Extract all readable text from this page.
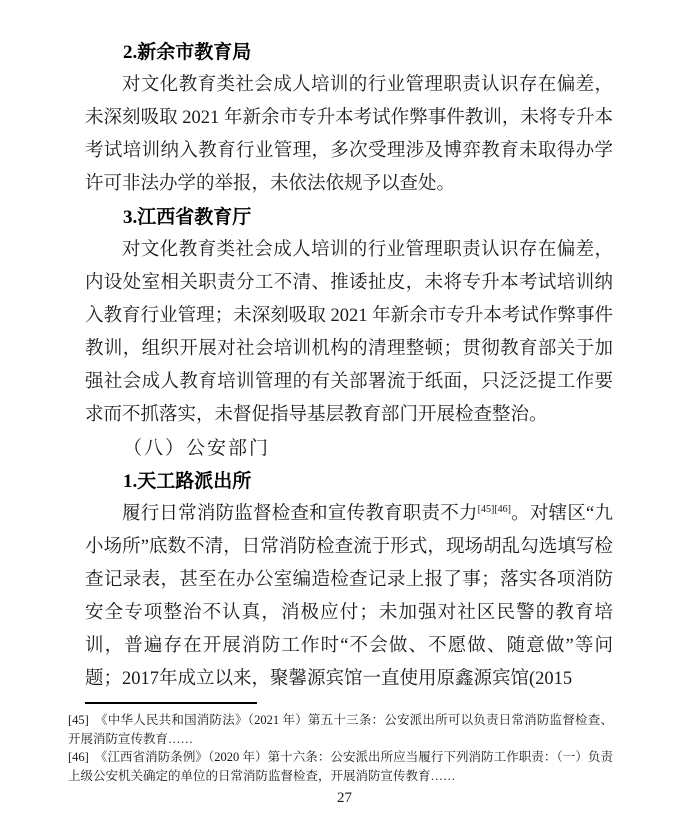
2.新余市教育局

对文化教育类社会成人培训的行业管理职责认识存在偏差，未深刻吸取 2021 年新余市专升本考试作弊事件教训，未将专升本考试培训纳入教育行业管理，多次受理涉及博弈教育未取得办学许可非法办学的举报，未依法依规予以查处。

3.江西省教育厅

对文化教育类社会成人培训的行业管理职责认识存在偏差，内设处室相关职责分工不清、推诿扯皮，未将专升本考试培训纳入教育行业管理；未深刻吸取 2021 年新余市专升本考试作弊事件教训，组织开展对社会培训机构的清理整顿；贯彻教育部关于加强社会成人教育培训管理的有关部署流于纸面，只泛泛提工作要求而不抓落实，未督促指导基层教育部门开展检查整治。

（八）公安部门
1.天工路派出所

履行日常消防监督检查和宣传教育职责不力[45][46]。对辖区“九小场所”底数不清，日常消防检查流于形式，现场胡乱勾选填写检查记录表，甚至在办公室编造检查记录上报了事；落实各项消防安全专项整治不认真，消极应付；未加强对社区民警的教育培训，普遍存在开展消防工作时“不会做、不愿做、随意做”等问题；2017年成立以来，聚馨源宾馆一直使用原鑫源宾馆(2015

[45] 《中华人民共和国消防法》（2021 年）第五十三条：公安派出所可以负责日常消防监督检查、开展消防宣传教育……

[46] 《江西省消防条例》（2020 年）第十六条：公安派出所应当履行下列消防工作职责：（一）负责上级公安机关确定的单位的日常消防监督检查，开展消防宣传教育……

27
